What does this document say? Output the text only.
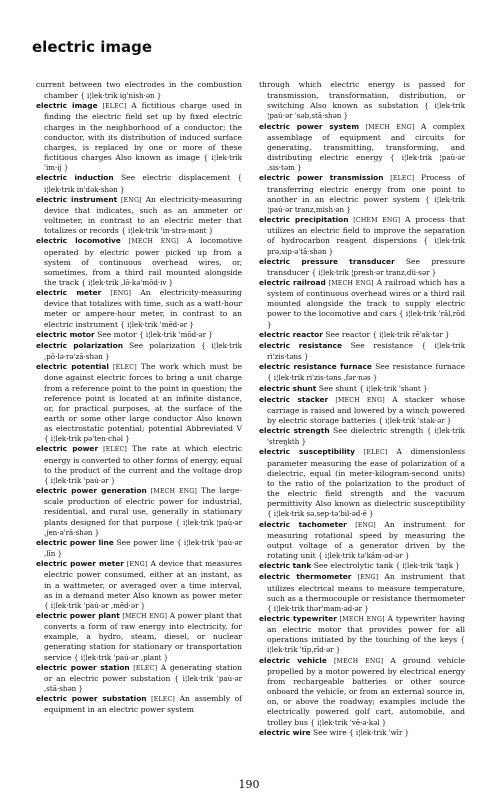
electric image

current between two electrodes in the combustion chamber { i¦lek·trik ig'nish·ən }

electric image [ELEC] A fictitious charge used in finding the electric field set up by fixed electric charges in the neighborhood of a conductor; the conductor, with its distribution of induced surface charges, is replaced by one or more of these fictitious charges Also known as image { i¦lek·trik 'im·ij }

electric induction See electric displacement { i¦lek·trik in'dək·shən }

electric instrument [ENG] An electricity-measuring device that indicates, such as an ammeter or voltmeter, in contrast to an electric meter that totalizes or records { i¦lek·trik 'in·strə·mənt }

electric locomotive [MECH ENG] A locomotive operated by electric power picked up from a system of continuous overhead wires, or, sometimes, from a third rail mounted alongside the track { i¦lek·trik ,lō·kə'mōd·iv }

electric meter [ENG] An electricity-measuring device that totalizes with time, such as a watt-hour meter or ampere-hour meter, in contrast to an electric instrument { i¦lek·trik 'mēd·ər }

electric motor See motor { i¦lek·trik 'mōd·ər }

electric polarization See polarization { i¦lek·trik ,pō·lə·rə'zā·shən }

electric potential [ELEC] The work which must be done against electric forces to bring a unit charge from a reference point to the point in question; the reference point is located at an infinite distance, or, for practical purposes, at the surface of the earth or some other large conductor Also known as electrostatic potential; potential Abbreviated V { i¦lek·trik pə'ten·chəl }

electric power [ELEC] The rate at which electric energy is converted to other forms of energy, equal to the product of the current and the voltage drop { i¦lek·trik 'pau̇·ər }

electric power generation [MECH ENG] The large-scale production of electric power for industrial, residential, and rural use, generally in stationary plants designed for that purpose { i¦lek·trik ¦pau̇·ər ,jen·ə'rā·shən }

electric power line See power line { i¦lek·trik 'pau̇·ər ,līn }

electric power meter [ENG] A device that measures electric power consumed, either at an instant, as in a wattmeter, or averaged over a time interval, as in a demand meter Also known as power meter { i¦lek·trik 'pau̇·ər ,mēd·ər }

electric power plant [MECH ENG] A power plant that converts a form of raw energy into electricity, for example, a hydro, steam, diesel, or nuclear generating station for stationary or transportation service { i¦lek·trik 'pau̇·ər ,plant }

electric power station [ELEC] A generating station or an electric power substation { i¦lek·trik 'pau̇·ər ,stā·shən }

electric power substation [ELEC] An assembly of equipment in an electric power system

through which electric energy is passed for transmission, transformation, distribution, or switching Also known as substation { i¦lek·trik ¦pau̇·ər 'səb,stā·shən }

electric power system [MECH ENG] A complex assemblage of equipment and circuits for generating, transmitting, transforming, and distributing electric energy { i¦lek·trik ¦pau̇·ər ,sis·təm }

electric power transmission [ELEC] Process of transferring electric energy from one point to another in an electric power system { i¦lek·trik ¦pau̇·ər tranz,mish·ən }

electric precipitation [CHEM ENG] A process that utilizes an electric field to improve the separation of hydrocarbon reagent dispersions { i¦lek·trik prə,sip·ə'tā·shən }

electric pressure transducer See pressure transducer { i¦lek·trik ¦presh·ər tranz,dü·sər }

electric railroad [MECH ENG] A railroad which has a system of continuous overhead wires or a third rail mounted alongside the track to supply electric power to the locomotive and cars { i¦lek·trik 'rāl,rōd }

electric reactor See reactor { i¦lek·trik rē'ak·tər }

electric resistance See resistance { i¦lek·trik ri'zis·təns }

electric resistance furnace See resistance furnace { i¦lek·trik ri'zis·təns ,fər·nəs }

electric shunt See shunt { i¦lek·trik 'shənt }

electric stacker [MECH ENG] A stacker whose carriage is raised and lowered by a winch powered by electric storage batteries { i¦lek·trik 'stak·ər }

electric strength See dielectric strength { i¦lek·trik 'streŋkth }

electric susceptibility [ELEC] A dimensionless parameter measuring the ease of polarization of a dielectric, equal (in meter-kilogram-second units) to the ratio of the polarization to the product of the electric field strength and the vacuum permittivity Also known as dielectric susceptibility { i¦lek·trik sə,sep·tə'bil·əd·ē }

electric tachometer [ENG] An instrument for measuring rotational speed by measuring the output voltage of a generator driven by the rotating unit { i¦lek·trik tə'käm·əd·ər }

electric tank See electrolytic tank { i¦lek·trik 'taŋk }

electric thermometer [ENG] An instrument that utilizes electrical means to measure temperature, such as a thermocouple or resistance thermometer { i¦lek·trik thər'mam·əd·ər }

electric typewriter [MECH ENG] A typewriter having an electric motor that provides power for all operations initiated by the touching of the keys { i¦lek·trik 'tīp,rīd·ər }

electric vehicle [MECH ENG] A ground vehicle propelled by a motor powered by electrical energy from rechargeable batteries or other source onboard the vehicle, or from an external source in, on, or above the roadway; examples include the electrically powered golf cart, automobile, and trolley bus { i¦lek·trik 'vē·ə·kəl }

electric wire See wire { i¦lek·trik 'wīr }

190
